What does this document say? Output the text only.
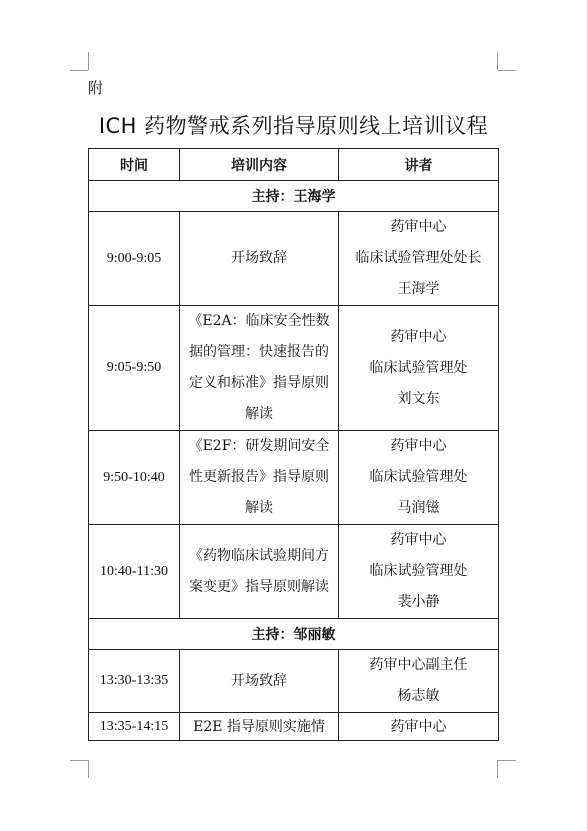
附
ICH 药物警戒系列指导原则线上培训议程
时间	培训内容	讲者
主持：王海学		
9:00-9:05	开场致辞	药审中心
临床试验管理处处长
王海学

9:05-9:50	《E2A：临床安全性数据的管理：快速报告的定义和标准》指导原则解读	药审中心
临床试验管理处
刘文东

9:50-10:40	《E2F：研发期间安全性更新报告》指导原则解读	药审中心
临床试验管理处
马润镃

10:40-11:30	《药物临床试验期间方案变更》指导原则解读	药审中心
临床试验管理处
裴小静

主持：邹丽敏		
13:30-13:35	开场致辞	药审中心副主任
杨志敏

13:35-14:15	E2E 指导原则实施情	药审中心
